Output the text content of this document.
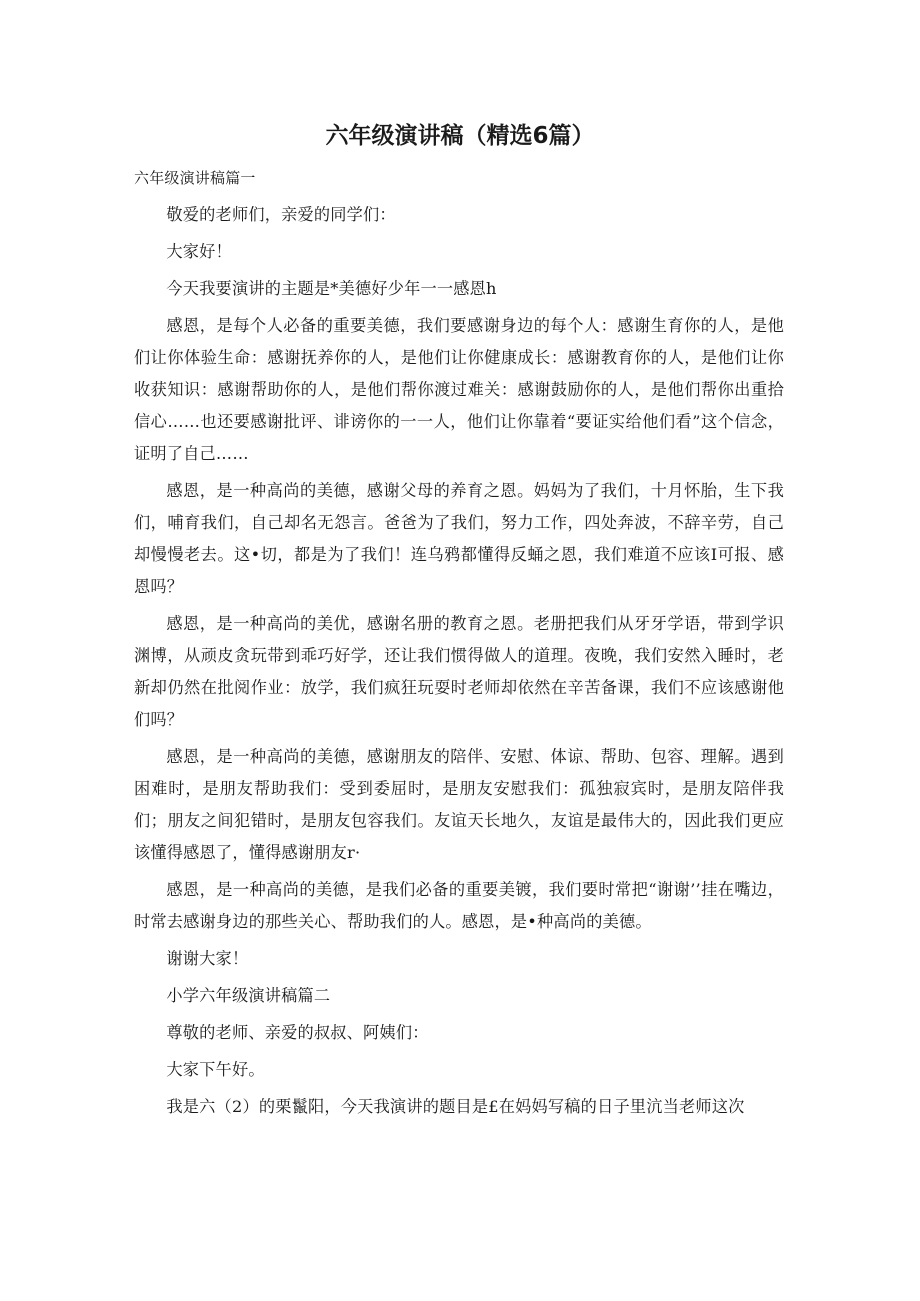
六年级演讲稿（精选6篇）

六年级演讲稿篇一

敬爱的老师们，亲爱的同学们：

大家好！

今天我要演讲的主题是*美德好少年一一感恩h

感恩，是每个人必备的重要美德，我们要感谢身边的每个人：感谢生育你的人，是他们让你体验生命：感谢抚养你的人，是他们让你健康成长：感谢教育你的人，是他们让你收获知识：感谢帮助你的人，是他们帮你渡过难关：感谢鼓励你的人，是他们帮你出重拾信心……也还要感谢批评、诽谤你的一一人，他们让你靠着“要证实给他们看”这个信念，证明了自己……

感恩，是一种高尚的美德，感谢父母的养育之恩。妈妈为了我们，十月怀胎，生下我们，哺育我们，自己却名无怨言。爸爸为了我们，努力工作，四处奔波，不辞辛劳，自己却慢慢老去。这•切，都是为了我们！连乌鸦都懂得反蛹之恩，我们难道不应该I可报、感恩吗？

感恩，是一种高尚的美优，感谢名册的教育之恩。老册把我们从牙牙学语，带到学识渊博，从顽皮贪玩带到乖巧好学，还让我们惯得做人的道理。夜晚，我们安然入睡时，老新却仍然在批阅作业：放学，我们疯狂玩耍时老师却依然在辛苦备课，我们不应该感谢他们吗？

感恩，是一种高尚的美德，感谢朋友的陪伴、安慰、体谅、帮助、包容、理解。遇到困难时，是朋友帮助我们：受到委屈时，是朋友安慰我们：孤独寂宾时，是朋友陪伴我们；朋友之间犯错时，是朋友包容我们。友谊天长地久，友谊是最伟大的，因此我们更应该懂得感恩了，懂得感谢朋友r·

感恩，是一种高尚的美德，是我们必备的重要美镀，我们要时常把“谢谢’’挂在嘴边，时常去感谢身边的那些关心、帮助我们的人。感恩，是•种高尚的美德。

谢谢大家！

小学六年级演讲稿篇二

尊敬的老师、亲爱的叔叔、阿姨们：

大家下午好。

我是六（2）的栗鬣阳，今天我演讲的题目是£在妈妈写稿的日子里沆当老师这次
